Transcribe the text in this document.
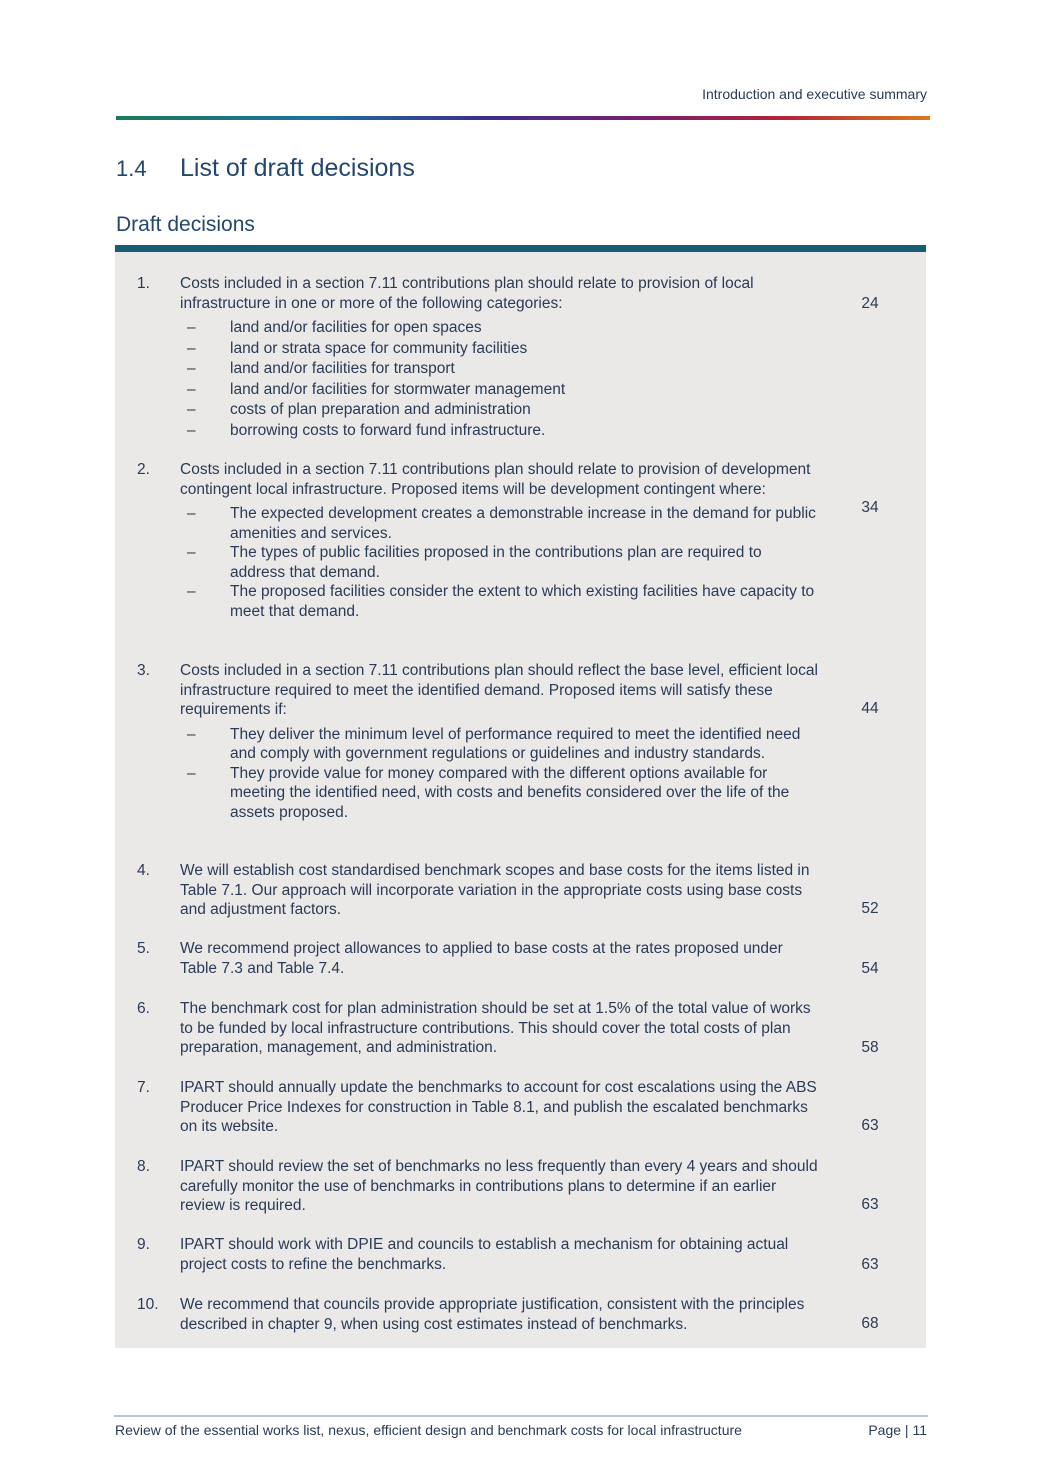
Introduction and executive summary
1.4	List of draft decisions
Draft decisions
1. Costs included in a section 7.11 contributions plan should relate to provision of local infrastructure in one or more of the following categories:
– land and/or facilities for open spaces
– land or strata space for community facilities
– land and/or facilities for transport
– land and/or facilities for stormwater management
– costs of plan preparation and administration
– borrowing costs to forward fund infrastructure.
24
2. Costs included in a section 7.11 contributions plan should relate to provision of development contingent local infrastructure. Proposed items will be development contingent where:
– The expected development creates a demonstrable increase in the demand for public amenities and services.
– The types of public facilities proposed in the contributions plan are required to address that demand.
– The proposed facilities consider the extent to which existing facilities have capacity to meet that demand.
34
3. Costs included in a section 7.11 contributions plan should reflect the base level, efficient local infrastructure required to meet the identified demand. Proposed items will satisfy these requirements if:
– They deliver the minimum level of performance required to meet the identified need and comply with government regulations or guidelines and industry standards.
– They provide value for money compared with the different options available for meeting the identified need, with costs and benefits considered over the life of the assets proposed.
44
4. We will establish cost standardised benchmark scopes and base costs for the items listed in Table 7.1. Our approach will incorporate variation in the appropriate costs using base costs and adjustment factors.	52
5. We recommend project allowances to applied to base costs at the rates proposed under Table 7.3 and Table 7.4.	54
6. The benchmark cost for plan administration should be set at 1.5% of the total value of works to be funded by local infrastructure contributions. This should cover the total costs of plan preparation, management, and administration.	58
7. IPART should annually update the benchmarks to account for cost escalations using the ABS Producer Price Indexes for construction in Table 8.1, and publish the escalated benchmarks on its website.	63
8. IPART should review the set of benchmarks no less frequently than every 4 years and should carefully monitor the use of benchmarks in contributions plans to determine if an earlier review is required.	63
9. IPART should work with DPIE and councils to establish a mechanism for obtaining actual project costs to refine the benchmarks.	63
10. We recommend that councils provide appropriate justification, consistent with the principles described in chapter 9, when using cost estimates instead of benchmarks.	68
Review of the essential works list, nexus, efficient design and benchmark costs for local infrastructure	Page | 11
